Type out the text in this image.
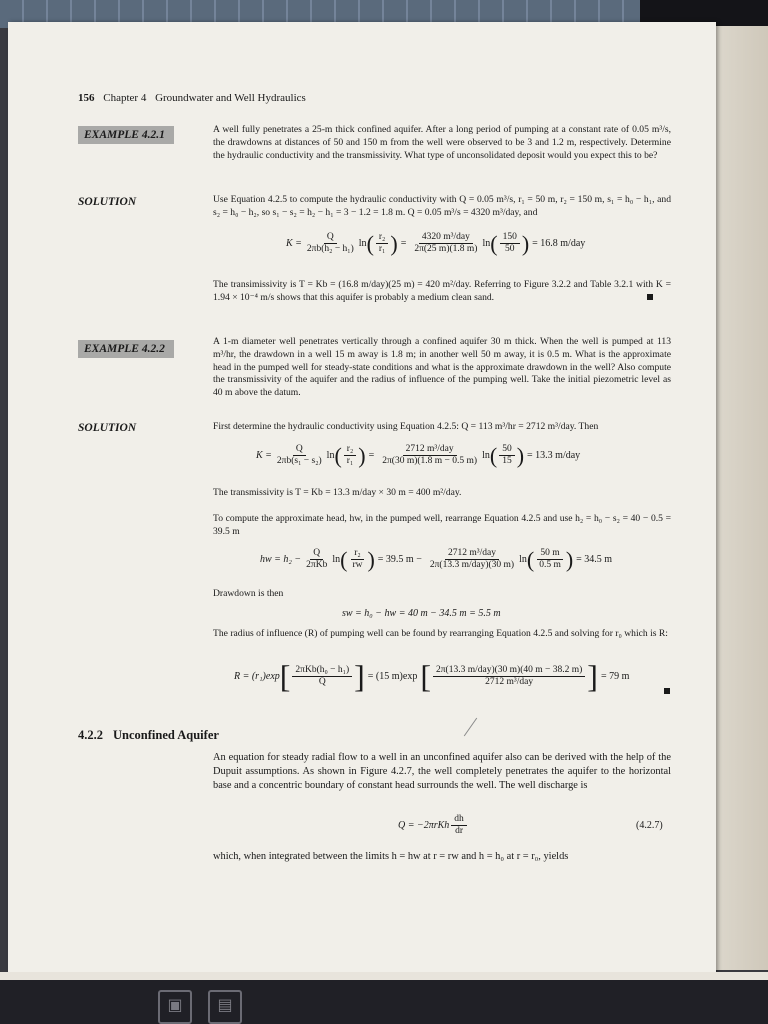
▣	▤
156 Chapter 4 Groundwater and Well Hydraulics
EXAMPLE 4.2.1	A well fully penetrates a 25-m thick confined aquifer. After a long period of pumping at a constant rate of 0.05 m³/s, the drawdowns at distances of 50 and 150 m from the well were observed to be 3 and 1.2 m, respectively. Determine the hydraulic conductivity and the transmissivity. What type of unconsolidated deposit would you expect this to be?
SOLUTION	Use Equation 4.2.5 to compute the hydraulic conductivity with Q = 0.05 m³/s, r₁ = 50 m, r₂ = 150 m, s₁ = h₀ − h₁, and s₂ = h₀ − h₂, so s₁ − s₂ = h₂ − h₁ = 3 − 1.2 = 1.8 m. Q = 0.05 m³/s = 4320 m³/day, and
$K = \frac{Q}{\text{2πb(h₂ − h₁)}}$ ln ( $\frac{\text{r₂}}{\text{r₁}}$ ) = $\frac{\text{4320 m³/day}}{2\pi(25 m)(1.8 m)}$ ln ( $\frac{150}{50}$ ) = 16.8 m/day
The transimissivity is T = Kb = (16.8 m/day)(25 m) = 420 m²/day. Referring to Figure 3.2.2 and Table 3.2.1 with K = 1.94 × 10⁻⁴ m/s shows that this aquifer is probably a medium clean sand.
EXAMPLE 4.2.2
A 1-m diameter well penetrates vertically through a confined aquifer 30 m thick. When the well is pumped at 113 m³/hr, the drawdown in a well 15 m away is 1.8 m; in another well 50 m away, it is 0.5 m. What is the approximate head in the pumped well for steady-state conditions and what is the approximate drawdown in the well? Also compute the transmissivity of the aquifer and the radius of influence of the pumping well. Take the initial piezometric level as 40 m above the datum.
SOLUTION	First determine the hydraulic conductivity using Equation 4.2.5: Q = 113 m³/hr = 2712 m³/day. Then
$K = \frac{Q}{\text{2πb(s₁ − s₂)}}$ ln ( $\frac{\text{r₂}}{\text{r₁}}$ ) = $\frac{\text{2712 m³/day}}{2\pi(30 m)(1.8 m - 0.5 m)}$ ln ( $\frac{50}{15}$ ) = 13.3 m/day
The transmissivity is T = Kb = 13.3 m/day × 30 m = 400 m²/day.
To compute the approximate head, hw, in the pumped well, rearrange Equation 4.2.5 and use h₂ = h₀ − s₂ = 40 − 0.5 = 39.5 m
hw = $h_2 - \frac{Q}{\text{2πKb}}$ ln ( $\frac{\text{r₂}}{rw}$ ) = 39.5 $m - \frac{\text{2712 m³/day}}{\text{2π(13.3 m/day)(30 m)}}$ ln ( $\frac{50 m}{0.5 m}$ ) = 34.5 m
Drawdown is then
sw = h₀ − hw = 40 m − 34.5 m = 5.5 m
The radius of influence (R) of pumping well can be found by rearranging Equation 4.2.5 and solving for r₀ which is R:
R = (r₁)exp [ $\frac{\text{2πKb(h₀ − h₁)}}{Q}$ ] = (15 m)exp [ $\frac{\text{2π(13.3 m/day)(30 m)(40 m − 38.2 m)}}{\text{2712 m³/day}}$ ] = 79 m
4.2.2 Unconfined Aquifer
An equation for steady radial flow to a well in an unconfined aquifer also can be derived with the help of the Dupuit assumptions. As shown in Figure 4.2.7, the well completely penetrates the aquifer to the horizontal base and a concentric boundary of constant head surrounds the well. The well discharge is
$Q = -2\pi rKh \frac{dh}{dr}$	(4.2.7)
which, when integrated between the limits h = hw at r = rw and h = h₀ at r = r₀, yields
